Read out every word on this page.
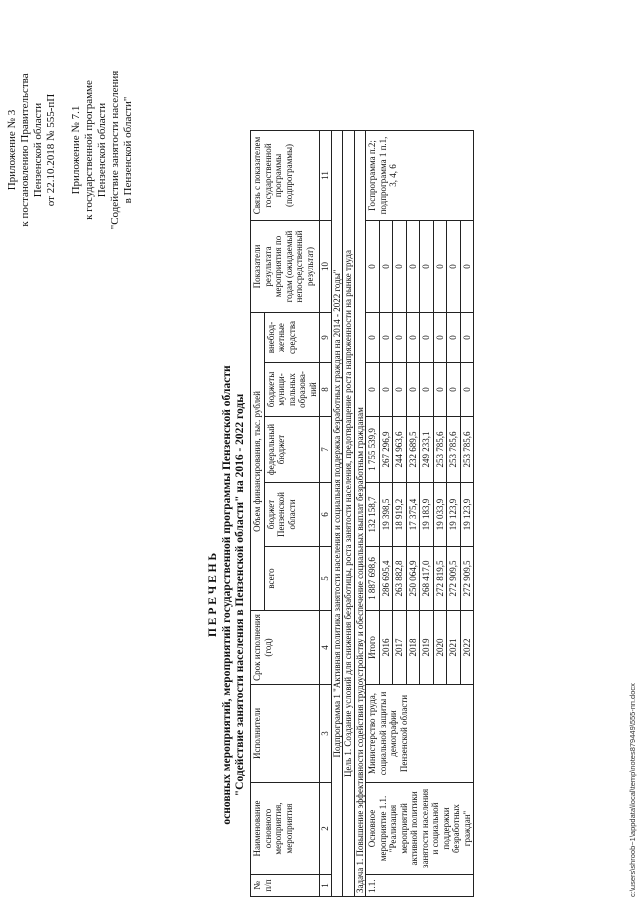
Приложение № 3 к постановлению Правительства Пензенской области от 22.10.2018 № 555-пП Приложение № 7.1 к государственной программе Пензенской области "Содействие занятости населения в Пензенской области"
П Е Р Е Ч Е Н Ь основных мероприятий, мероприятий государственной программы Пензенской области "Содействие занятости населения в Пензенской области" на 2016 - 2022 годы
№ п/п	Наименование основного мероприятия, мероприятия	Исполнители	Срок исполнения (год)	Объем финансирования, тыс. рублей					Показатели результата мероприятия по годам (ожидаемый непосредственный результат)	Связь с показателем государственной программы (подпрограммы)
				всего	бюджет Пензенской области	федеральный бюджет	бюджеты муници-пальных образова-ний	внебюд-жетные средства		
1	2	3	4	5	6	7	8	9	10	11
Подпрограмма 1 "Активная политика занятости населения и социальная поддержка безработных граждан на 2014 - 2022 годы"										
Цель 1. Создание условий для снижения безработицы, роста занятости населения, предотвращение роста напряженности на рынке труда										
Задача 1. Повышение эффективности содействия трудоустройству и обеспечение социальных выплат безработным гражданам										
1.1.	Основное мероприятие 1.1. "Реализация мероприятий активной политики занятости населения и социальной поддержки безработных граждан"	Министерство труда, социальной защиты и демографии Пензенской области	Итого	1 887 698,6	132 158,7	1 755 539,9	0	0	0	Госпрограмма п.2; подпрограмма 1 п.1, 3, 4, 6
			2016	286 695,4	19 398,5	267 296,9	0	0	0	
			2017	263 882,8	18 919,2	244 963,6	0	0	0	
			2018	250 064,9	17 375,4	232 689,5	0	0	0	
			2019	268 417,0	19 183,9	249 233,1	0	0	0	
			2020	272 819,5	19 033,9	253 785,6	0	0	0	
			2021	272 909,5	19 123,9	253 785,6	0	0	0	
			2022	272 909,5	19 123,9	253 785,6	0	0	0	
c:\users\shroob~1\appdata\local\temp\notes879449\555-пп.docx
